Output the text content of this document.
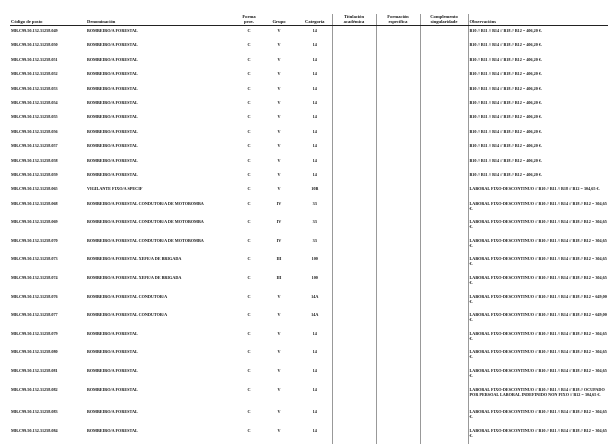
Código de posto	Denominación	Forma
prov.	Grupo	Categoría	Titulación
académica	Formación
específica	Complemento
singularidade	Observacións
MR.C99.50.132.31258.049	BOMBEIRO/A FORESTAL	C	V	14				B10 // B11 // B14 // B18 // B12 = 406,20 €.
MR.C99.50.132.31258.050	BOMBEIRO/A FORESTAL	C	V	14				B10 // B11 // B14 // B18 // B12 = 406,20 €.
MR.C99.50.132.31258.051	BOMBEIRO/A FORESTAL	C	V	14				B10 // B11 // B14 // B18 // B12 = 406,20 €.
MR.C99.50.132.31258.052	BOMBEIRO/A FORESTAL	C	V	14				B10 // B11 // B14 // B18 // B12 = 406,20 €.
MR.C99.50.132.31258.053	BOMBEIRO/A FORESTAL	C	V	14				B10 // B11 // B14 // B18 // B12 = 406,20 €.
MR.C99.50.132.31258.054	BOMBEIRO/A FORESTAL	C	V	14				B10 // B11 // B14 // B18 // B12 = 406,20 €.
MR.C99.50.132.31258.055	BOMBEIRO/A FORESTAL	C	V	14				B10 // B11 // B14 // B18 // B12 = 406,20 €.
MR.C99.50.132.31258.056	BOMBEIRO/A FORESTAL	C	V	14				B10 // B11 // B14 // B18 // B12 = 406,20 €.
MR.C99.50.132.31258.057	BOMBEIRO/A FORESTAL	C	V	14				B10 // B11 // B14 // B18 // B12 = 406,20 €.
MR.C99.50.132.31258.058	BOMBEIRO/A FORESTAL	C	V	14				B10 // B11 // B14 // B18 // B12 = 406,20 €.
MR.C99.50.132.31258.059	BOMBEIRO/A FORESTAL	C	V	14				B10 // B11 // B14 // B18 // B12 = 406,20 €.
MR.C99.50.132.31258.065	VIGILANTE FIXO/A SPECIF	C	V	10B				LABORAL FIXO-DESCONTINUO // B10 // B11 // B18 // B12 = 304,65 €.
MR.C99.50.132.31258.068	BOMBEIRO/A FORESTAL CONDUTOR/A DE MOTOBOMBA	C	IV	33				LABORAL FIXO-DESCONTINUO // B10 // B11 // B14 // B18 // B12 = 304,65 €.
MR.C99.50.132.31258.069	BOMBEIRO/A FORESTAL CONDUTOR/A DE MOTOBOMBA	C	IV	33				LABORAL FIXO-DESCONTINUO // B10 // B11 // B14 // B18 // B12 = 304,65 €.
MR.C99.50.132.31258.070	BOMBEIRO/A FORESTAL CONDUTOR/A DE MOTOBOMBA	C	IV	33				LABORAL FIXO-DESCONTINUO // B10 // B11 // B14 // B18 // B12 = 304,65 €.
MR.C99.50.132.31258.073	BOMBEIRO/A FORESTAL XEFE/A DE BRIGADA	C	III	100				LABORAL FIXO-DESCONTINUO // B10 // B11 // B14 // B18 // B12 = 304,65 €.
MR.C99.50.132.31258.074	BOMBEIRO/A FORESTAL XEFE/A DE BRIGADA	C	III	100				LABORAL FIXO-DESCONTINUO // B10 // B11 // B14 // B18 // B12 = 304,65 €.
MR.C99.50.132.31258.076	BOMBEIRO/A FORESTAL CONDUTOR/A	C	V	14A				LABORAL FIXO-DESCONTINUO // B10 // B11 // B14 // B18 // B12 = 649,00 €.
MR.C99.50.132.31258.077	BOMBEIRO/A FORESTAL CONDUTOR/A	C	V	14A				LABORAL FIXO-DESCONTINUO // B10 // B11 // B14 // B18 // B12 = 649,00 €.
MR.C99.50.132.31258.079	BOMBEIRO/A FORESTAL	C	V	14				LABORAL FIXO-DESCONTINUO // B10 // B11 // B14 // B18 // B12 = 304,65 €.
MR.C99.50.132.31258.080	BOMBEIRO/A FORESTAL	C	V	14				LABORAL FIXO-DESCONTINUO // B10 // B11 // B14 // B18 // B12 = 304,65 €.
MR.C99.50.132.31258.081	BOMBEIRO/A FORESTAL	C	V	14				LABORAL FIXO-DESCONTINUO // B10 // B11 // B14 // B18 // B12 = 304,65 €.
MR.C99.50.132.31258.082	BOMBEIRO/A FORESTAL	C	V	14				LABORAL FIXO-DESCONTINUO // B10 // B11 // B14 // B18 // OCUPADO POR PERSOAL LABORAL INDEFINIDO NON FIXO // B12 = 304,65 €.
MR.C99.50.132.31258.083	BOMBEIRO/A FORESTAL	C	V	14				LABORAL FIXO-DESCONTINUO // B10 // B11 // B14 // B18 // B12 = 304,65 €.
MR.C99.50.132.31258.084	BOMBEIRO/A FORESTAL	C	V	14				LABORAL FIXO-DESCONTINUO // B10 // B11 // B14 // B18 // B12 = 304,65 €.
